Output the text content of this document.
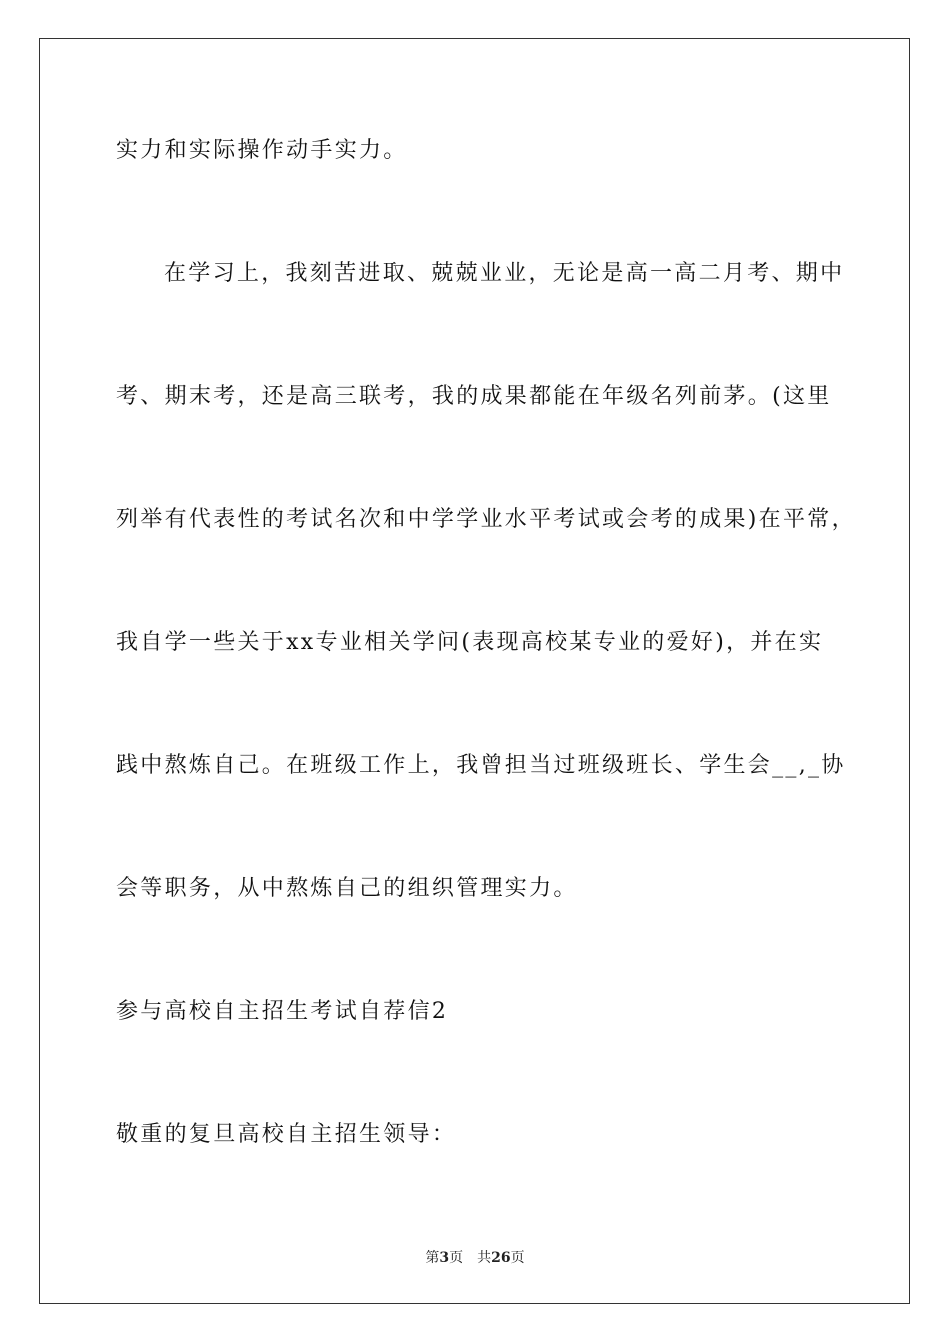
实力和实际操作动手实力。
在学习上，我刻苦进取、兢兢业业，无论是高一高二月考、期中
考、期末考，还是高三联考，我的成果都能在年级名列前茅。(这里
列举有代表性的考试名次和中学学业水平考试或会考的成果)在平常，
我自学一些关于xx专业相关学问(表现高校某专业的爱好)，并在实
践中熬炼自己。在班级工作上，我曾担当过班级班长、学生会__,_协
会等职务，从中熬炼自己的组织管理实力。
参与高校自主招生考试自荐信2
敬重的复旦高校自主招生领导：
第3页 共26页
